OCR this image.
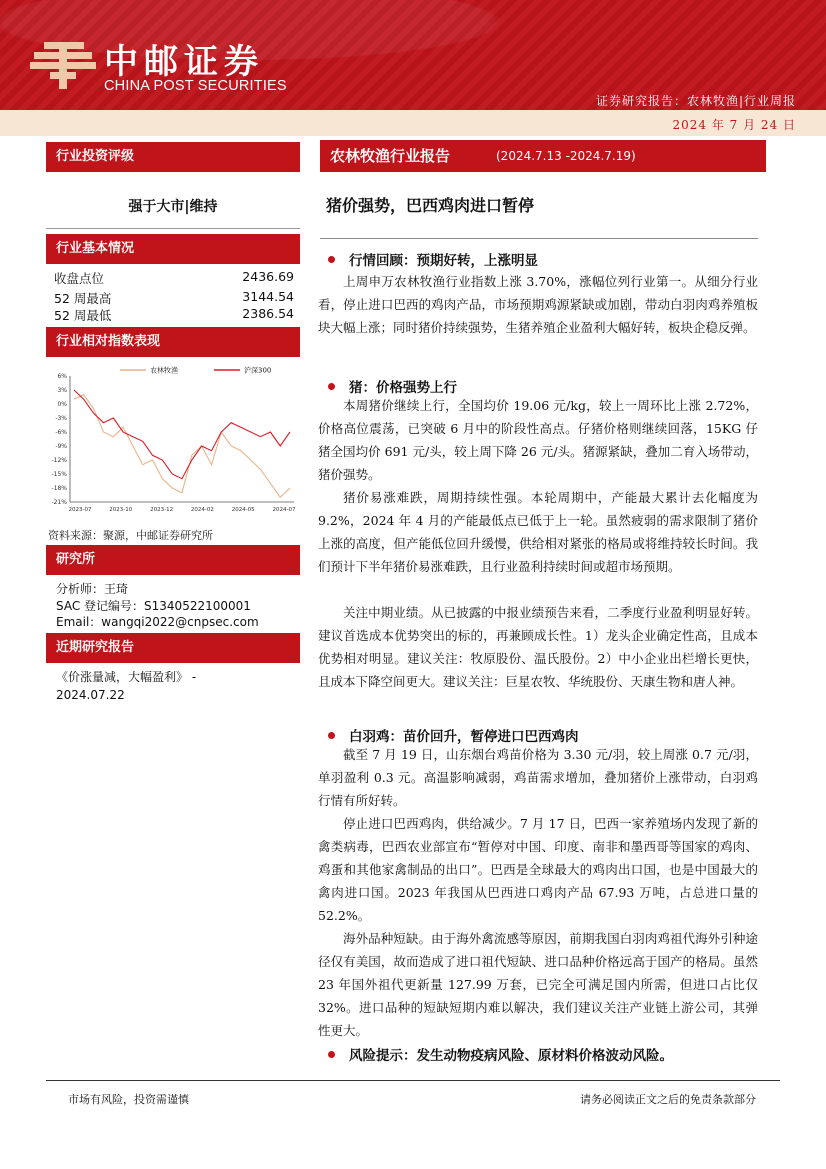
中邮证券
CHINA POST SECURITIES
证券研究报告：农林牧渔|行业周报
2024 年 7 月 24 日
行业投资评级
强于大市|维持
行业基本情况
收盘点位	2436.69
52 周最高	3144.54
52 周最低	2386.54
行业相对指数表现
6%
3%
0%
-3%
-6%
-9%
-12%
-15%
-18%
-21%
2023-07	2023-10	2023-12	2024-02	2024-05	2024-07
农林牧渔	沪深300
资料来源：聚源，中邮证券研究所
研究所
分析师：王琦
SAC 登记编号：S1340522100001
Email：wangqi2022@cnpsec.com
近期研究报告
《价涨量减，大幅盈利》 -
2024.07.22
农林牧渔行业报告	(2024.7.13 -2024.7.19)
猪价强势，巴西鸡肉进口暂停
行情回顾：预期好转，上涨明显
上周申万农林牧渔行业指数上涨 3.70%，涨幅位列行业第一。从细分行业看，停止进口巴西的鸡肉产品，市场预期鸡源紧缺或加剧，带动白羽肉鸡养殖板块大幅上涨；同时猪价持续强势，生猪养殖企业盈利大幅好转，板块企稳反弹。
猪：价格强势上行
本周猪价继续上行，全国均价 19.06 元/kg，较上一周环比上涨 2.72%，价格高位震荡，已突破 6 月中的阶段性高点。仔猪价格则继续回落，15KG 仔猪全国均价 691 元/头，较上周下降 26 元/头。猪源紧缺，叠加二育入场带动，猪价强势。
猪价易涨难跌，周期持续性强。本轮周期中，产能最大累计去化幅度为 9.2%，2024 年 4 月的产能最低点已低于上一轮。虽然疲弱的需求限制了猪价上涨的高度，但产能低位回升缓慢，供给相对紧张的格局或将维持较长时间。我们预计下半年猪价易涨难跌，且行业盈利持续时间或超市场预期。
关注中期业绩。从已披露的中报业绩预告来看，二季度行业盈利明显好转。建议首选成本优势突出的标的，再兼顾成长性。1）龙头企业确定性高，且成本优势相对明显。建议关注：牧原股份、温氏股份。2）中小企业出栏增长更快，且成本下降空间更大。建议关注：巨星农牧、华统股份、天康生物和唐人神。
白羽鸡：苗价回升，暂停进口巴西鸡肉
截至 7 月 19 日，山东烟台鸡苗价格为 3.30 元/羽，较上周涨 0.7 元/羽，单羽盈利 0.3 元。高温影响减弱，鸡苗需求增加，叠加猪价上涨带动，白羽鸡行情有所好转。
停止进口巴西鸡肉，供给减少。7 月 17 日，巴西一家养殖场内发现了新的禽类病毒，巴西农业部宣布“暂停对中国、印度、南非和墨西哥等国家的鸡肉、鸡蛋和其他家禽制品的出口”。巴西是全球最大的鸡肉出口国，也是中国最大的禽肉进口国。2023 年我国从巴西进口鸡肉产品 67.93 万吨，占总进口量的 52.2%。
海外品种短缺。由于海外禽流感等原因，前期我国白羽肉鸡祖代海外引种途径仅有美国，故而造成了进口祖代短缺、进口品种价格远高于国产的格局。虽然 23 年国外祖代更新量 127.99 万套，已完全可满足国内所需，但进口占比仅 32%。进口品种的短缺短期内难以解决，我们建议关注产业链上游公司，其弹性更大。
风险提示：发生动物疫病风险、原材料价格波动风险。
市场有风险，投资需谨慎	请务必阅读正文之后的免责条款部分
